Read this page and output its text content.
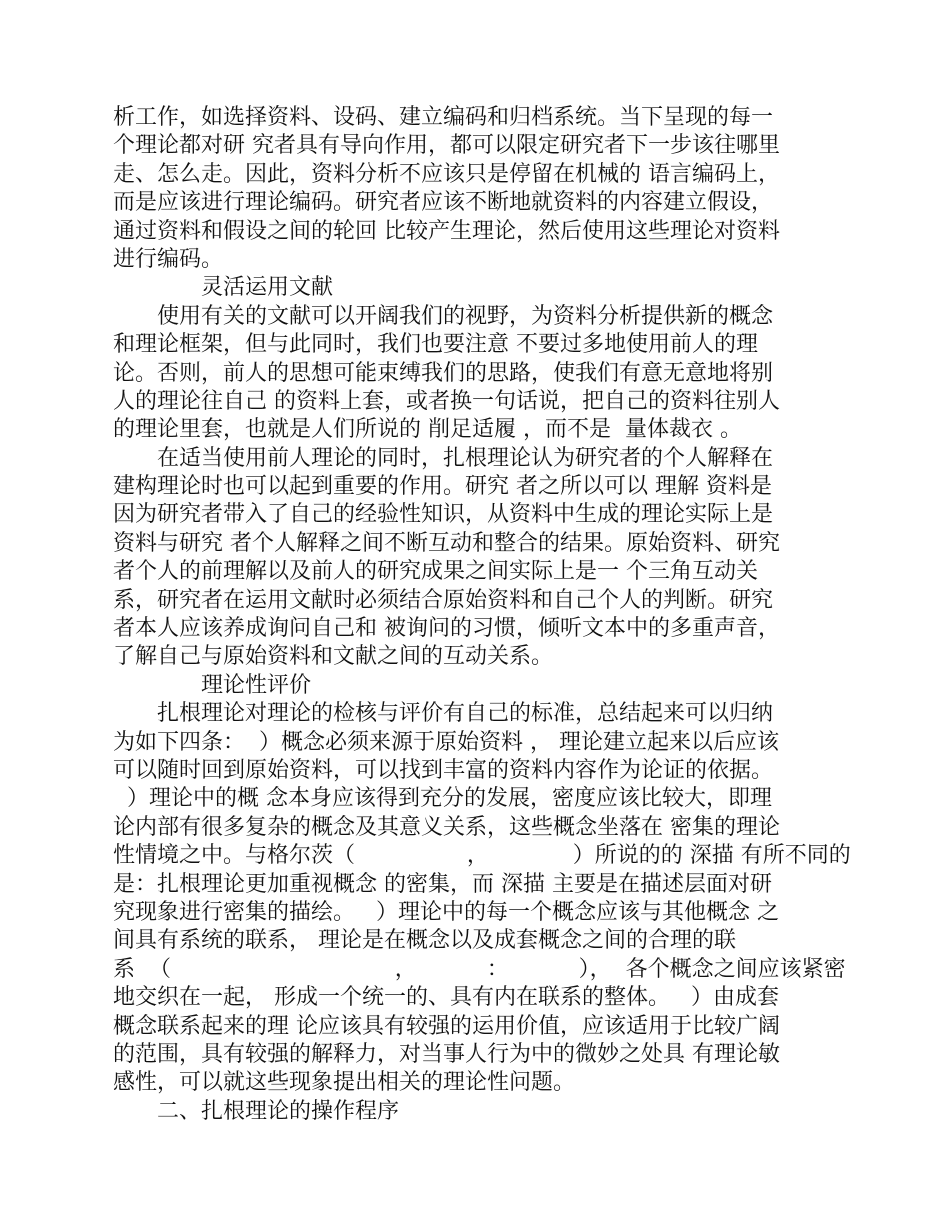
析工作，如选择资料、设码、建立编码和归档系统。当下呈现的每一
个理论都对研 究者具有导向作用，都可以限定研究者下一步该往哪里
走、怎么走。因此，资料分析不应该只是停留在机械的 语言编码上，
而是应该进行理论编码。研究者应该不断地就资料的内容建立假设，
通过资料和假设之间的轮回 比较产生理论，然后使用这些理论对资料
进行编码。
灵活运用文献
使用有关的文献可以开阔我们的视野，为资料分析提供新的概念
和理论框架，但与此同时，我们也要注意 不要过多地使用前人的理
论。否则，前人的思想可能束缚我们的思路，使我们有意无意地将别
人的理论往自己 的资料上套，或者换一句话说，把自己的资料往别人
的理论里套，也就是人们所说的 削足适履 ，而不是  量体裁衣 。
在适当使用前人理论的同时，扎根理论认为研究者的个人解释在
建构理论时也可以起到重要的作用。研究 者之所以可以 理解 资料是
因为研究者带入了自己的经验性知识，从资料中生成的理论实际上是
资料与研究 者个人解释之间不断互动和整合的结果。原始资料、研究
者个人的前理解以及前人的研究成果之间实际上是一 个三角互动关
系，研究者在运用文献时必须结合原始资料和自己个人的判断。研究
者本人应该养成询问自己和 被询问的习惯，倾听文本中的多重声音，
了解自己与原始资料和文献之间的互动关系。
理论性评价
扎根理论对理论的检核与评价有自己的标准，总结起来可以归纳
为如下四条：  ）概念必须来源于原始资料 ， 理论建立起来以后应该
可以随时回到原始资料，可以找到丰富的资料内容作为论证的依据。
）理论中的概 念本身应该得到充分的发展，密度应该比较大，即理
论内部有很多复杂的概念及其意义关系，这些概念坐落在 密集的理论
性情境之中。与格尔茨（                ，            ）所说的的 深描 有所不同的
是：扎根理论更加重视概念 的密集，而 深描 主要是在描述层面对研
究现象进行密集的描绘。   ）理论中的每一个概念应该与其他概念 之
间具有系统的联系， 理论是在概念以及成套概念之间的合理的联
系  （                                ，          ：          ），  各个概念之间应该紧密
地交织在一起， 形成一个统一的、具有内在联系的整体。   ）由成套
概念联系起来的理 论应该具有较强的运用价值，应该适用于比较广阔
的范围，具有较强的解释力，对当事人行为中的微妙之处具 有理论敏
感性，可以就这些现象提出相关的理论性问题。
二、扎根理论的操作程序
